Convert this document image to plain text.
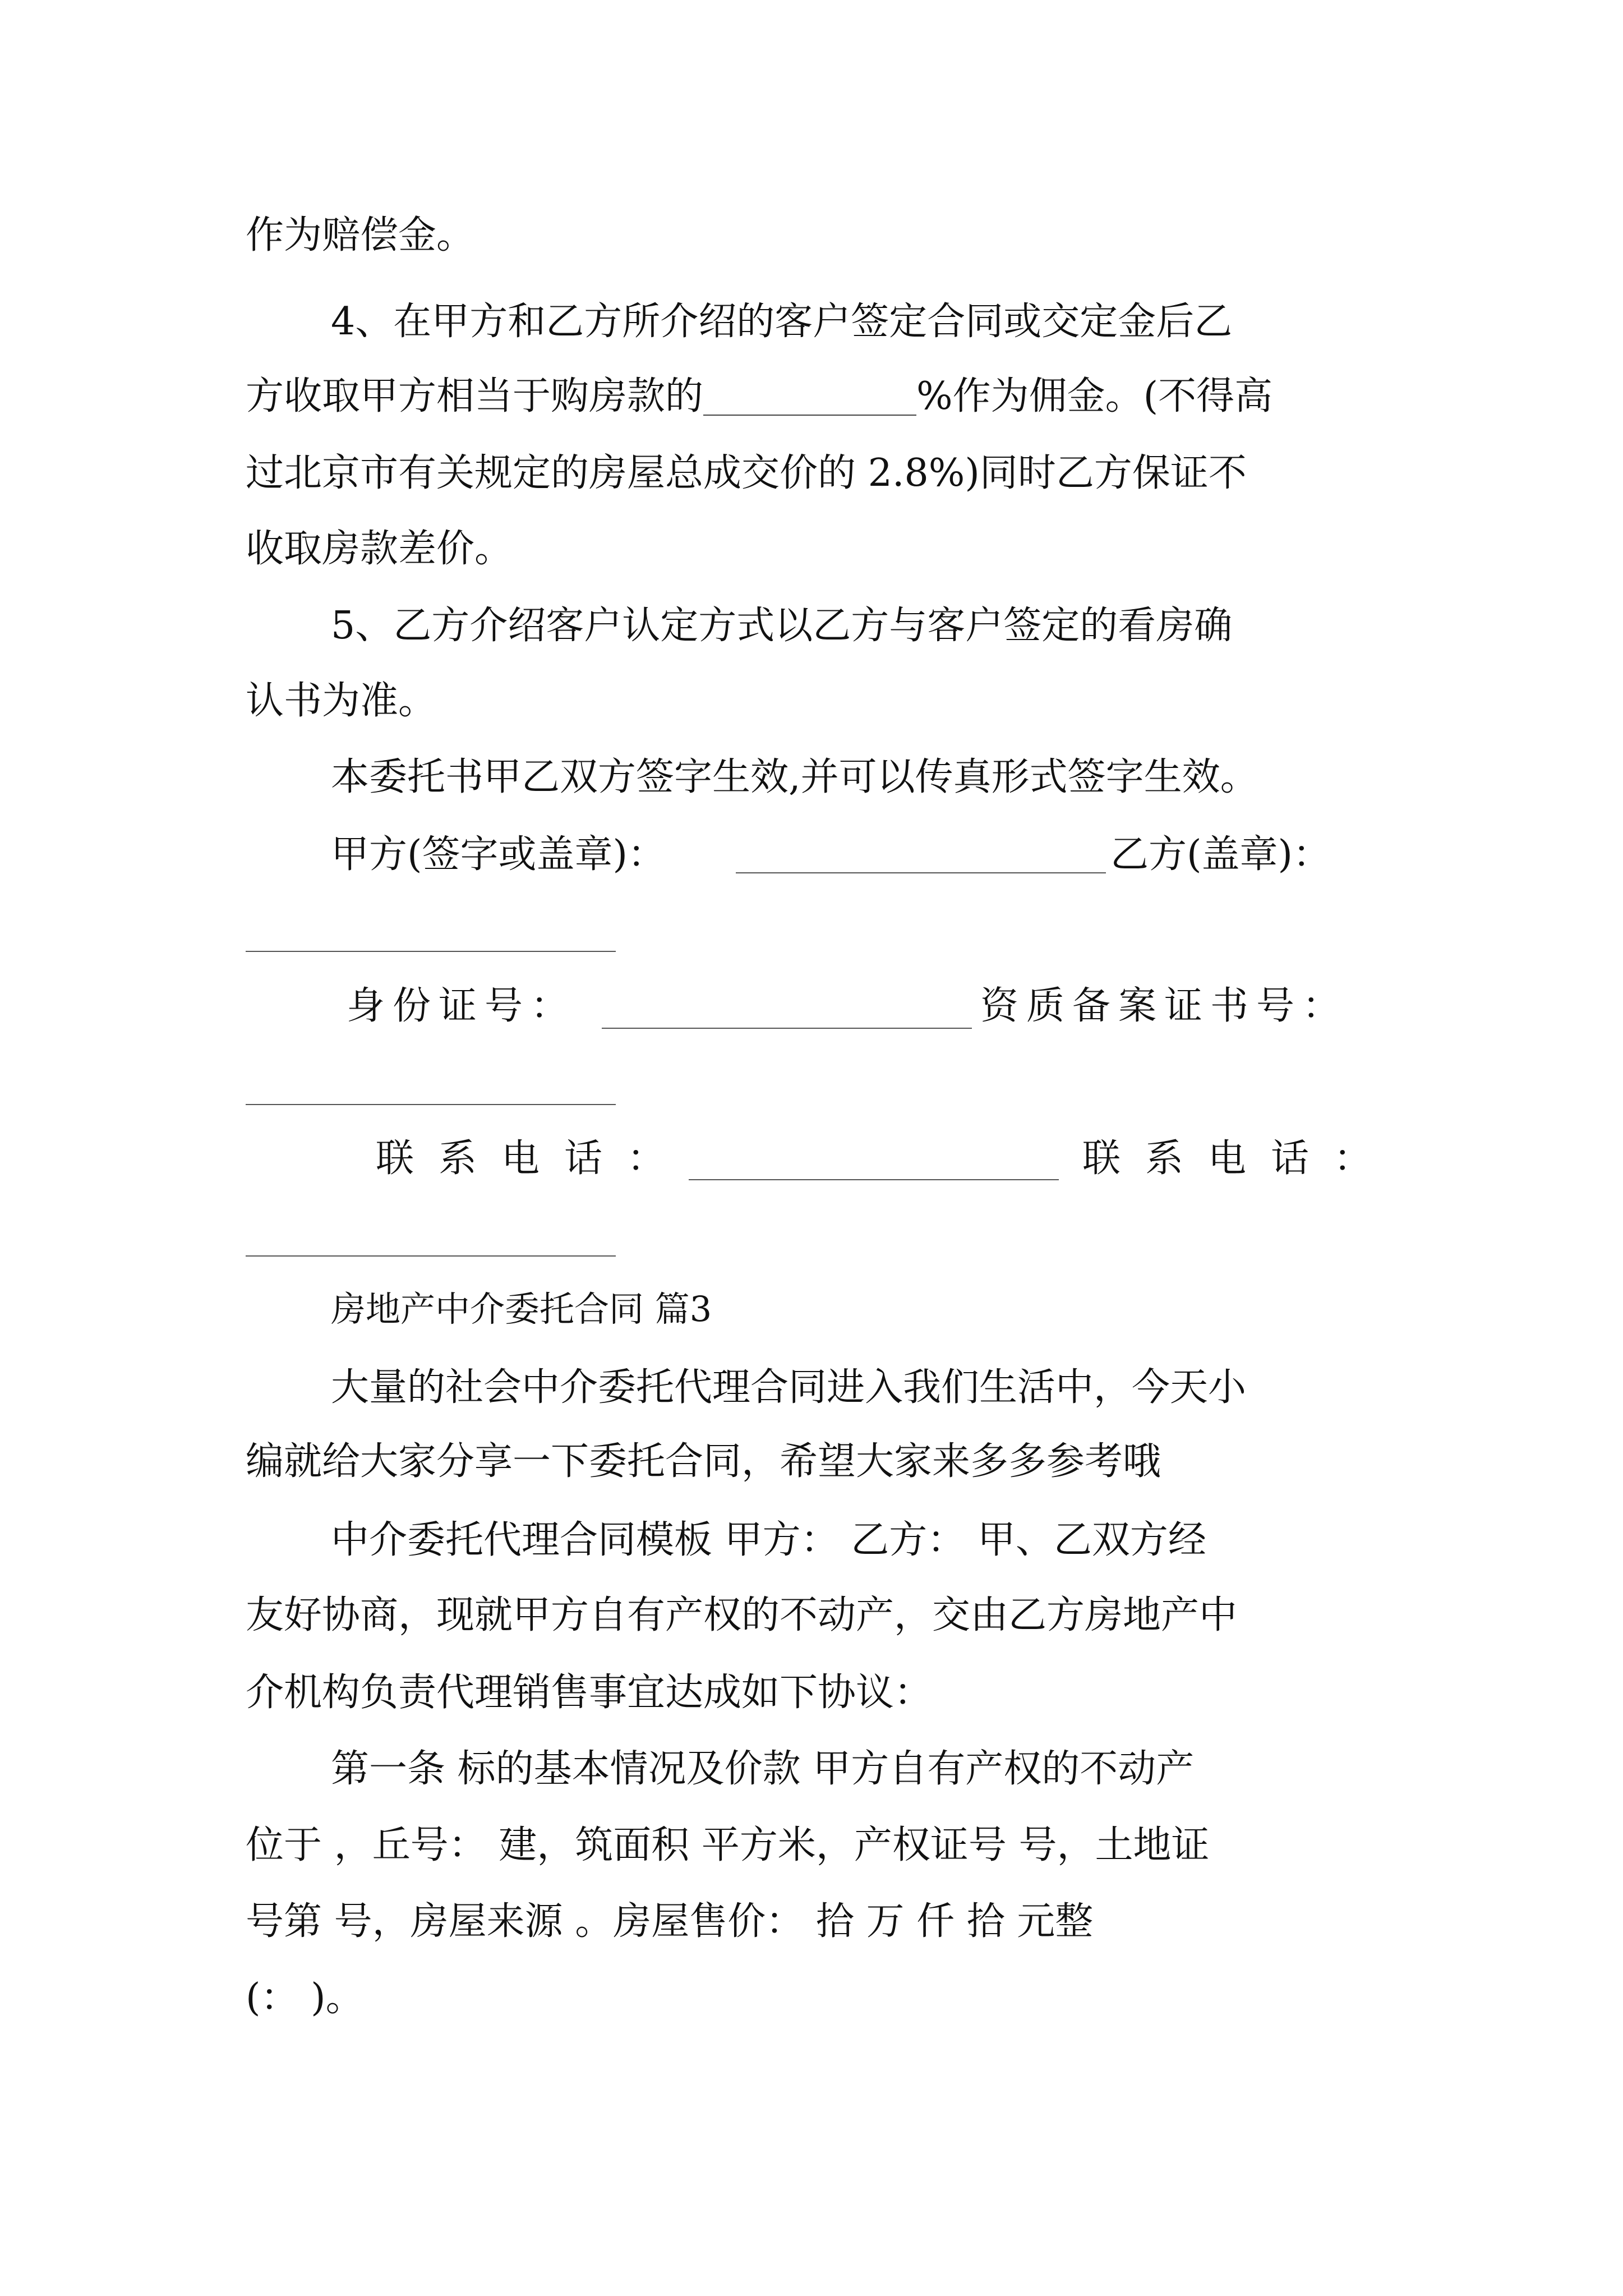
作为赔偿金。
4、在甲方和乙方所介绍的客户签定合同或交定金后乙
方收取甲方相当于购房款的	%作为佣金。(不得高
过北京市有关规定的房屋总成交价的 2.8%)同时乙方保证不
收取房款差价。
5、乙方介绍客户认定方式以乙方与客户签定的看房确
认书为准。
本委托书甲乙双方签字生效,并可以传真形式签字生效。
甲方(签字或盖章)：	乙方(盖章)：
身份证号：	资质备案证书号：
联系电话：	联系电话：
房地产中介委托合同 篇3
大量的社会中介委托代理合同进入我们生活中，今天小
编就给大家分享一下委托合同，希望大家来多多参考哦
中介委托代理合同模板 甲方： 乙方： 甲、乙双方经
友好协商，现就甲方自有产权的不动产，交由乙方房地产中
介机构负责代理销售事宜达成如下协议：
第一条 标的基本情况及价款 甲方自有产权的不动产
位于 ，丘号： 建，筑面积 平方米，产权证号 号，土地证
号第 号，房屋来源 。房屋售价： 拾 万 仟 拾 元整
(： )。
